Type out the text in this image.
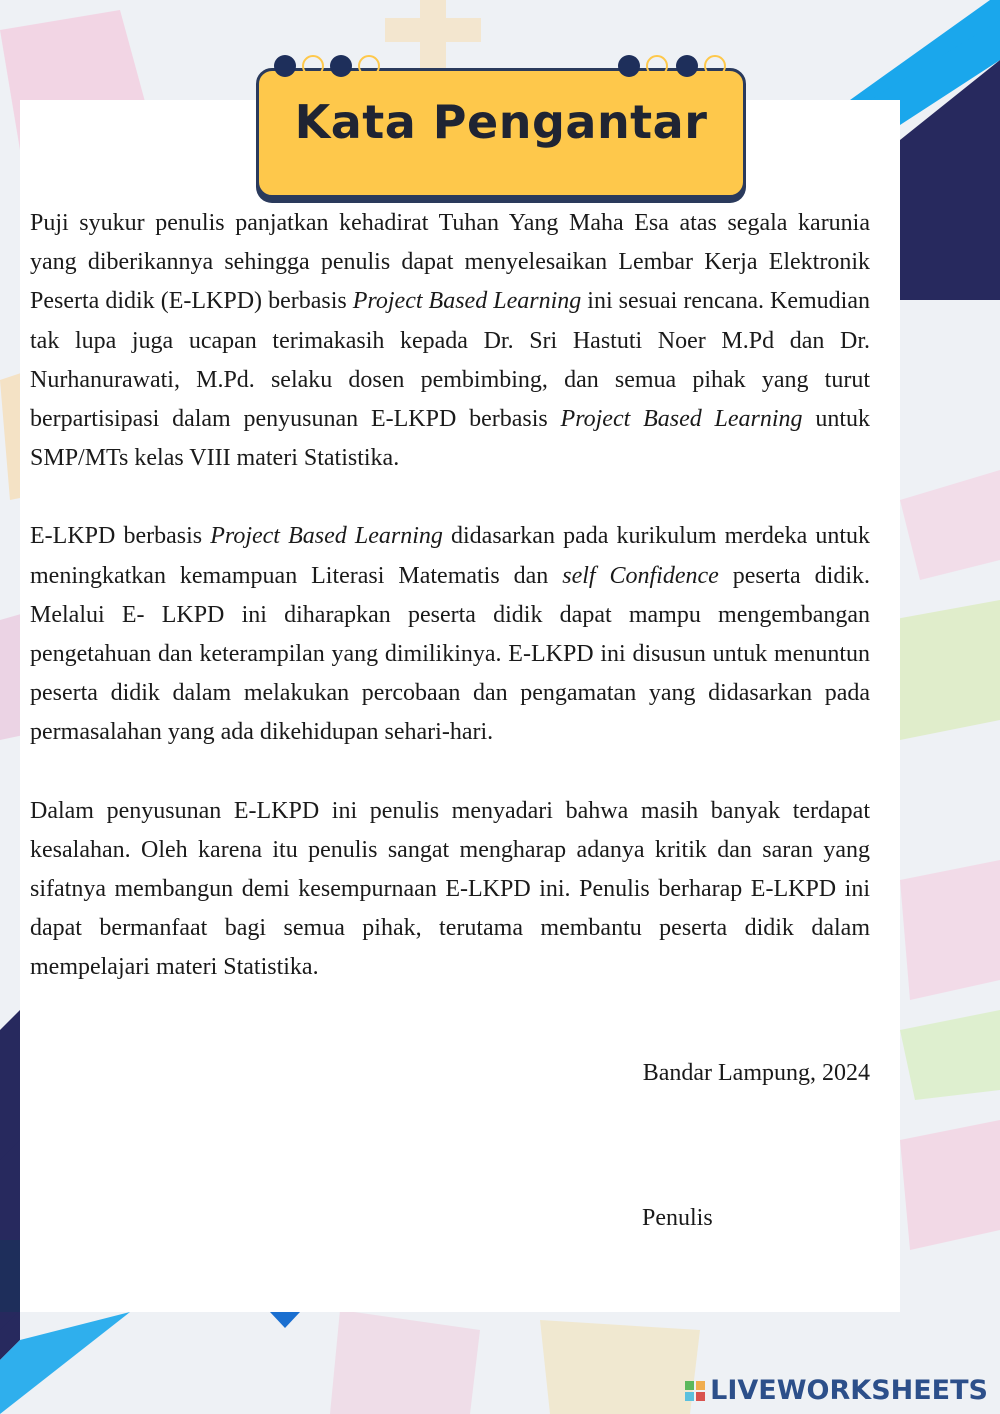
Kata Pengantar

Puji syukur penulis panjatkan kehadirat Tuhan Yang Maha Esa atas segala karunia yang diberikannya sehingga penulis dapat menyelesaikan Lembar Kerja Elektronik Peserta didik (E-LKPD) berbasis Project Based Learning ini sesuai rencana. Kemudian tak lupa juga ucapan terimakasih kepada Dr. Sri Hastuti Noer M.Pd dan Dr. Nurhanurawati, M.Pd. selaku dosen pembimbing, dan semua pihak yang turut berpartisipasi dalam penyusunan E-LKPD berbasis Project Based Learning untuk SMP/MTs kelas VIII materi Statistika.

E-LKPD berbasis Project Based Learning didasarkan pada kurikulum merdeka untuk meningkatkan kemampuan Literasi Matematis dan self Confidence peserta didik. Melalui E- LKPD ini diharapkan peserta didik dapat mampu mengembangan pengetahuan dan keterampilan yang dimilikinya. E-LKPD ini disusun untuk menuntun peserta didik dalam melakukan percobaan dan pengamatan yang didasarkan pada permasalahan yang ada dikehidupan sehari-hari.

Dalam penyusunan E-LKPD ini penulis menyadari bahwa masih banyak terdapat kesalahan. Oleh karena itu penulis sangat mengharap adanya kritik dan saran yang sifatnya membangun demi kesempurnaan E-LKPD ini. Penulis berharap E-LKPD ini dapat bermanfaat bagi semua pihak, terutama membantu peserta didik dalam mempelajari materi Statistika.

Bandar Lampung, 2024
Penulis
LIVEWORKSHEETS
